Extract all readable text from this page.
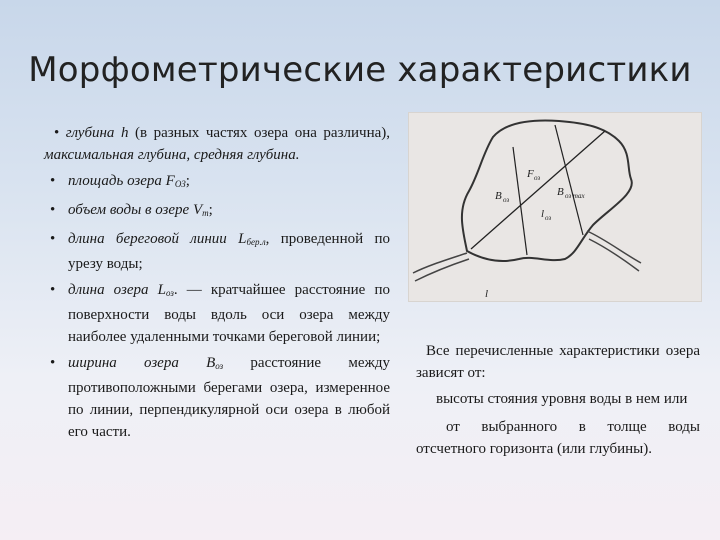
Морфометрические характеристики

• глубина h (в разных частях озера она различна), максимальная глубина, средняя глубина.

• площадь озера $F_{ОЗ}$;
• объем воды в озере $V_m$;
• длина береговой линии $L_{бер.л}$, проведенной по урезу воды;
• длина озера $L_{оз}$. — кратчайшее расстояние по поверхности воды вдоль оси озера между наиболее удаленными точками береговой линии;
• ширина озера $B_{оз}$ расстояние между противоположными берегами озера, измеренное по линии, перпендикулярной оси озера в любой его части.
F оз
B оз
B оз max
l оз
l

Все перечисленные характеристики озера зависят от:

высоты стояния уровня воды в нем или

от выбранного в толще воды отсчетного горизонта (или глубины).
